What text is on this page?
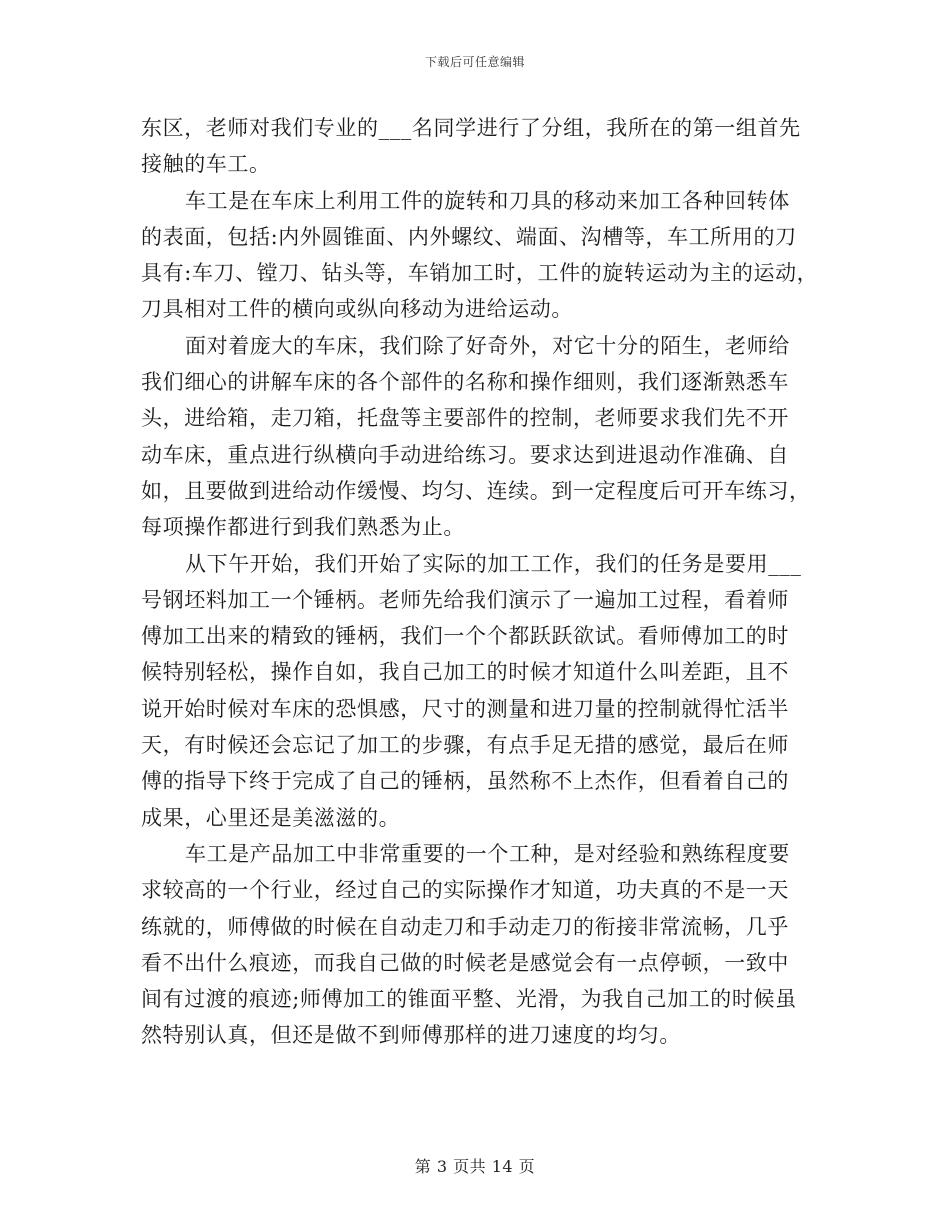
下载后可任意编辑
东区，老师对我们专业的___名同学进行了分组，我所在的第一组首先
接触的车工。
车工是在车床上利用工件的旋转和刀具的移动来加工各种回转体
的表面，包括:内外圆锥面、内外螺纹、端面、沟槽等，车工所用的刀
具有:车刀、镗刀、钻头等，车销加工时，工件的旋转运动为主的运动，
刀具相对工件的横向或纵向移动为进给运动。
面对着庞大的车床，我们除了好奇外，对它十分的陌生，老师给
我们细心的讲解车床的各个部件的名称和操作细则，我们逐渐熟悉车
头，进给箱，走刀箱，托盘等主要部件的控制，老师要求我们先不开
动车床，重点进行纵横向手动进给练习。要求达到进退动作准确、自
如，且要做到进给动作缓慢、均匀、连续。到一定程度后可开车练习，
每项操作都进行到我们熟悉为止。
从下午开始，我们开始了实际的加工工作，我们的任务是要用___
号钢坯料加工一个锤柄。老师先给我们演示了一遍加工过程，看着师
傅加工出来的精致的锤柄，我们一个个都跃跃欲试。看师傅加工的时
候特别轻松，操作自如，我自己加工的时候才知道什么叫差距，且不
说开始时候对车床的恐惧感，尺寸的测量和进刀量的控制就得忙活半
天，有时候还会忘记了加工的步骤，有点手足无措的感觉，最后在师
傅的指导下终于完成了自己的锤柄，虽然称不上杰作，但看着自己的
成果，心里还是美滋滋的。
车工是产品加工中非常重要的一个工种，是对经验和熟练程度要
求较高的一个行业，经过自己的实际操作才知道，功夫真的不是一天
练就的，师傅做的时候在自动走刀和手动走刀的衔接非常流畅，几乎
看不出什么痕迹，而我自己做的时候老是感觉会有一点停顿，一致中
间有过渡的痕迹;师傅加工的锥面平整、光滑，为我自己加工的时候虽
然特别认真，但还是做不到师傅那样的进刀速度的均匀。
第 3 页共 14 页
